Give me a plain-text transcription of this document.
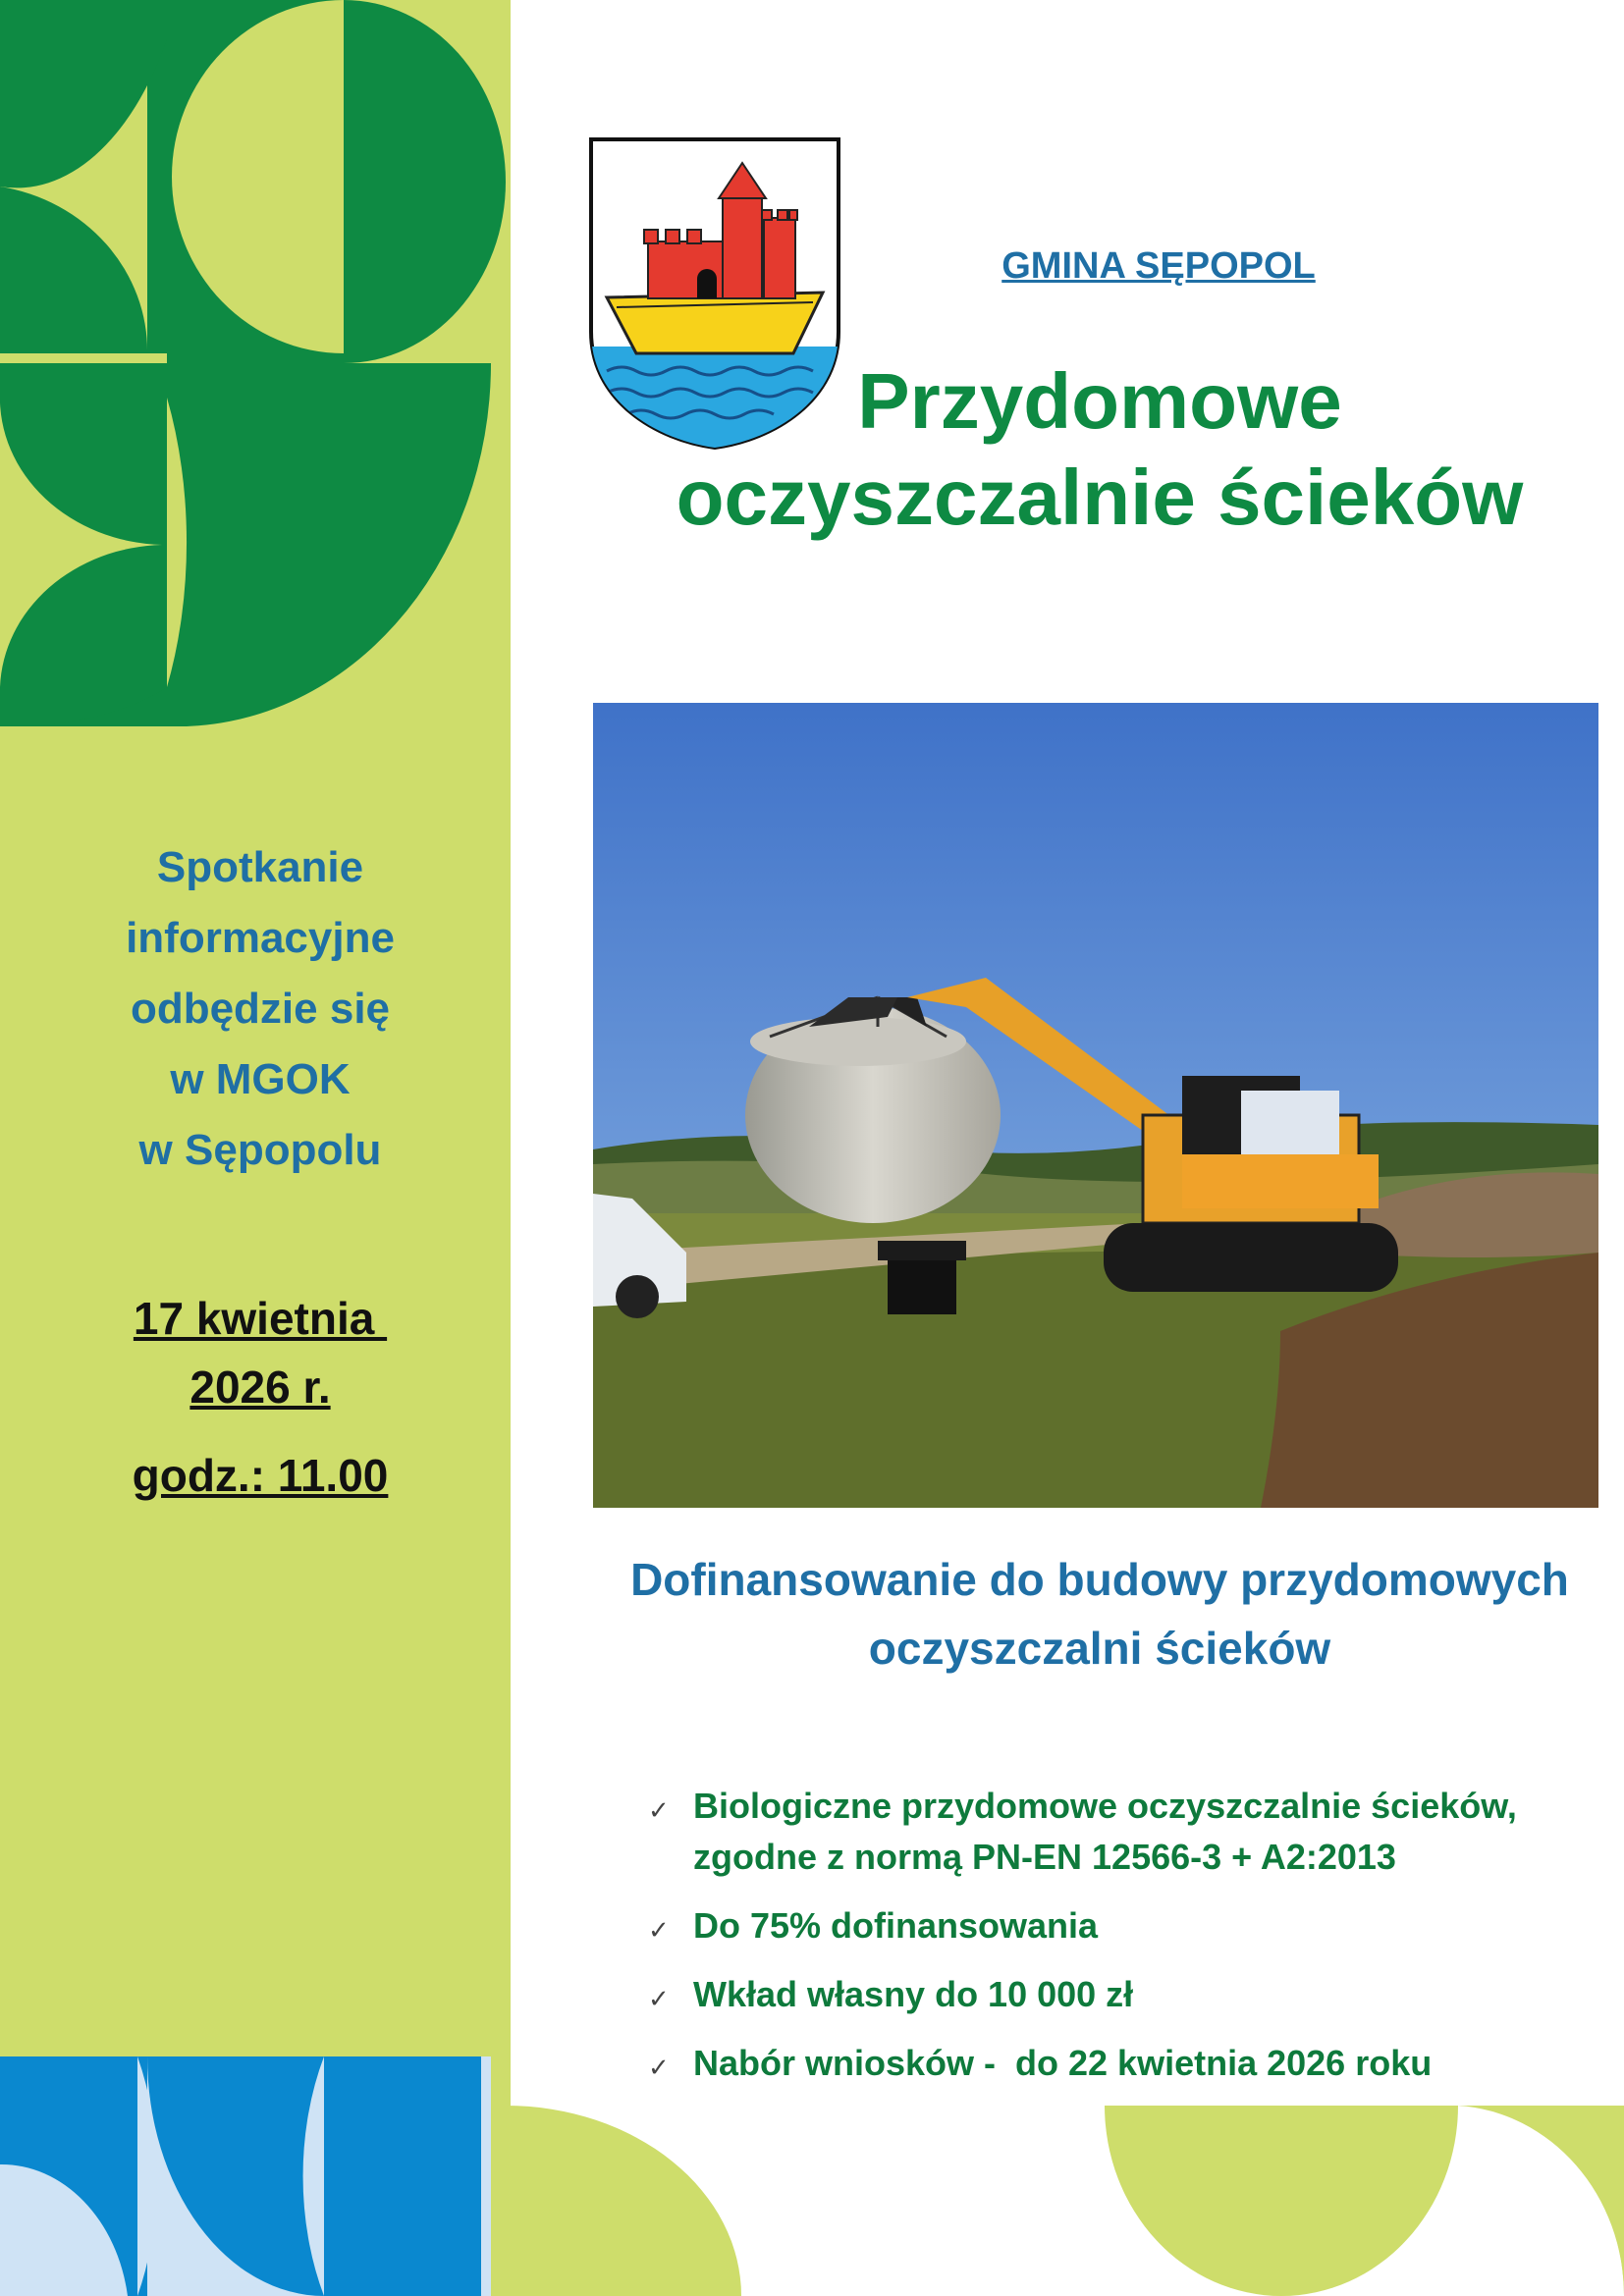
Spotkanie
informacyjne
odbędzie się
w MGOK
w Sępopolu
17 kwietnia
2026 r.
godz.: 11.00
GMINA SĘPOPOL
Przydomowe
oczyszczalnie ścieków
Dofinansowanie do budowy przydomowych
oczyszczalni ścieków
✓ Biologiczne przydomowe oczyszczalnie ścieków,
zgodne z normą PN-EN 12566-3 + A2:2013
✓ Do 75% dofinansowania
✓ Wkład własny do 10 000 zł
✓ Nabór wniosków -  do 22 kwietnia 2026 roku
